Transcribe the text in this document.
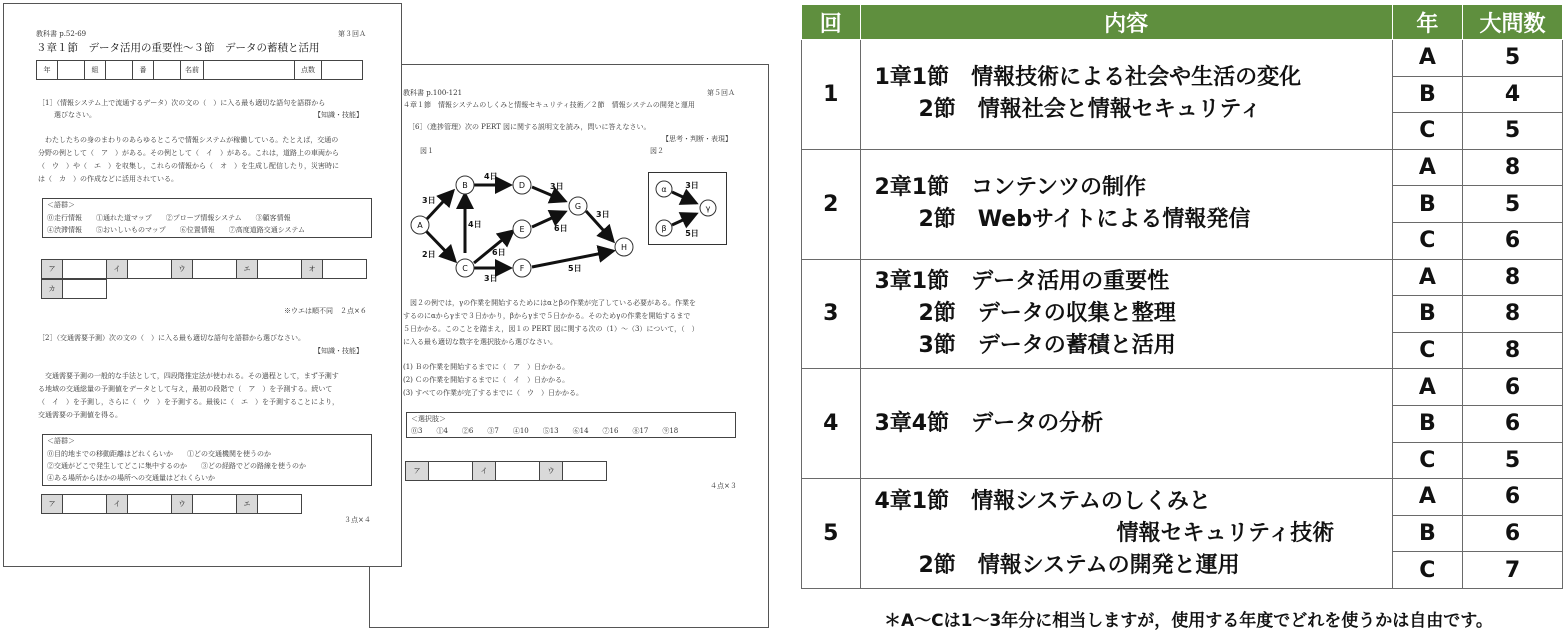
教科書 p.100-121	第５回Ａ
４章１節　情報システムのしくみと情報セキュリティ技術／２節　情報システムの開発と運用
［6］（進捗管理）次の PERT 図に関する説明文を読み，問いに答えなさい。
【思考・判断・表現】
図１	図２
3日
2日
4日
4日
6日
3日
3日
6日
3日
5日
A
B
C
D
E
F
G
H
α
β
γ
3日
5日
　図２の例では，γの作業を開始するためにはαとβの作業が完了している必要がある。作業を
するのにαからγまで３日かかり，βからγまで５日かかる。そのためγの作業を開始するまで
５日かかる。このことを踏まえ，図１の PERT 図に関する次の（1）～（3）について，（　）
に入る最も適切な数字を選択肢から選びなさい。
(1) Ｂの作業を開始するまでに（　ア　）日かかる。
(2) Ｃの作業を開始するまでに（　イ　）日かかる。
(3) すべての作業が完了するまでに（　ウ　）日かかる。
＜選択肢＞
⓪3　　①4　　②6　　③7　　④10　　⑤13　　⑥14　　⑦16　　⑧17　　⑨18
ア	イ	ウ
４点×３
教科書 p.52-69	第３回Ａ
３章１節　データ活用の重要性～３節　データの蓄積と活用
年	組	番	名前	点数
［1］（情報システム上で流通するデータ）次の文の（　）に入る最も適切な語句を語群から
選びなさい。	【知識・技能】
　わたしたちの身のまわりのあらゆるところで情報システムが稼働している。たとえば，交通の
分野の例として（　ア　）がある。その例として（　イ　）がある。これは，道路上の車両から
（　ウ　）や（　エ　）を収集し，これらの情報から（　オ　）を生成し配信したり，災害時に
は（　カ　）の作成などに活用されている。
＜語群＞
⓪走行情報　　①通れた道マップ　　②プローブ情報システム　　③顧客情報
④渋滞情報　　⑤おいしいものマップ　　⑥位置情報　　⑦高度道路交通システム
ア	イ	ウ	エ	オ
カ
※ウエは順不同　２点×６
［2］（交通需要予測）次の文の（　）に入る最も適切な語句を語群から選びなさい。
【知識・技能】
　交通需要予測の一般的な手法として，四段階推定法が使われる。その過程として，まず予測す
る地域の交通総量の予測値をデータとして与え，最初の段階で（　ア　）を予測する。続いて
（　イ　）を予測し，さらに（　ウ　）を予測する。最後に（　エ　）を予測することにより，
交通需要の予測値を得る。
＜語群＞
⓪目的地までの移動距離はどれくらいか　　①どの交通機関を使うのか
②交通がどこで発生してどこに集中するのか　　③どの経路でどの路線を使うのか
④ある場所からほかの場所への交通量はどれくらいか
ア	イ	ウ	エ
３点×４
回	内容	年	大問数
1	1章1節　情報技術による社会や生活の変化
　　2節　情報社会と情報セキュリティ	A	5
		B	4
		C	5
2	2章1節　コンテンツの制作
　　2節　Webサイトによる情報発信	A	8
		B	5
		C	6
3	3章1節　データ活用の重要性
　　2節　データの収集と整理
　　3節　データの蓄積と活用	A	8
		B	8
		C	8
4	3章4節　データの分析	A	6
		B	6
		C	5
5	4章1節　情報システムのしくみと
　　　　　　　　　　　情報セキュリティ技術
　　2節　情報システムの開発と運用	A	6
		B	6
		C	7
＊A～Cは1～3年分に相当しますが，使用する年度でどれを使うかは自由です。
